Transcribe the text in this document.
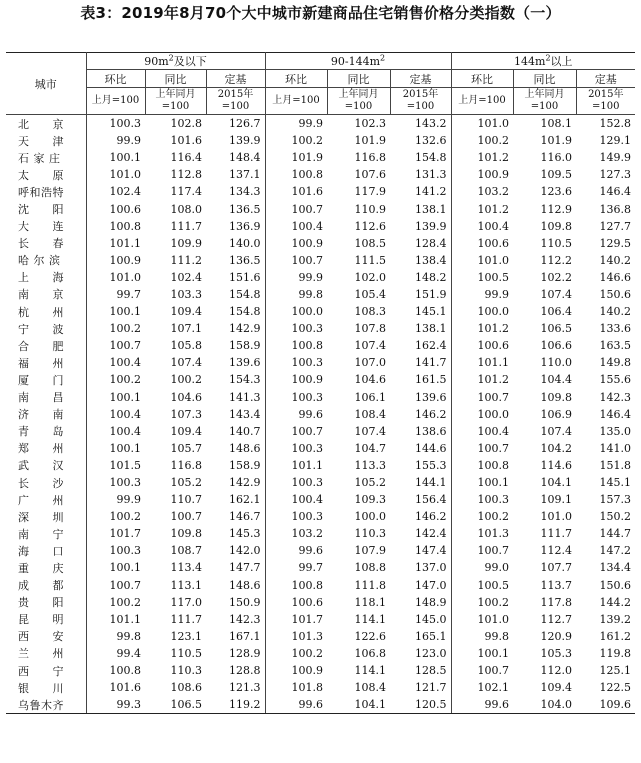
表3：2019年8月70个大中城市新建商品住宅销售价格分类指数（一）
城市	$90m^2$及以下			$90-144m^2$			$144m^2$以上		
	环比	同比	定基	环比	同比	定基	环比	同比	定基
	上月=100	上年同月=100	2015年=100	上月=100	上年同月=100	2015年=100	上月=100	上年同月=100	2015年=100
北　　京	100.3	102.8	126.7	99.9	102.3	143.2	101.0	108.1	152.8
天　　津	99.9	101.6	139.9	100.2	101.9	132.6	100.2	101.9	129.1
石 家 庄	100.1	116.4	148.4	101.9	116.8	154.8	101.2	116.0	149.9
太　　原	101.0	112.8	137.1	100.8	107.6	131.3	100.9	109.5	127.3
呼和浩特	102.4	117.4	134.3	101.6	117.9	141.2	103.2	123.6	146.4
沈　　阳	100.6	108.0	136.5	100.7	110.9	138.1	101.2	112.9	136.8
大　　连	100.8	111.7	136.9	100.4	112.6	139.9	100.4	109.8	127.7
长　　春	101.1	109.9	140.0	100.9	108.5	128.4	100.6	110.5	129.5
哈 尔 滨	100.9	111.2	136.5	100.7	111.5	138.4	101.0	112.2	140.2
上　　海	101.0	102.4	151.6	99.9	102.0	148.2	100.5	102.2	146.6
南　　京	99.7	103.3	154.8	99.8	105.4	151.9	99.9	107.4	150.6
杭　　州	100.1	109.4	154.8	100.0	108.3	145.1	100.0	106.4	140.2
宁　　波	100.2	107.1	142.9	100.3	107.8	138.1	101.2	106.5	133.6
合　　肥	100.7	105.8	158.9	100.8	107.4	162.4	100.6	106.6	163.5
福　　州	100.4	107.4	139.6	100.3	107.0	141.7	101.1	110.0	149.8
厦　　门	100.2	100.2	154.3	100.9	104.6	161.5	101.2	104.4	155.6
南　　昌	100.1	104.6	141.3	100.3	106.1	139.6	100.7	109.8	142.3
济　　南	100.4	107.3	143.4	99.6	108.4	146.2	100.0	106.9	146.4
青　　岛	100.4	109.4	140.7	100.7	107.4	138.6	100.4	107.4	135.0
郑　　州	100.1	105.7	148.6	100.3	104.7	144.6	100.7	104.2	141.0
武　　汉	101.5	116.8	158.9	101.1	113.3	155.3	100.8	114.6	151.8
长　　沙	100.3	105.2	142.9	100.3	105.2	144.1	100.1	104.1	145.1
广　　州	99.9	110.7	162.1	100.4	109.3	156.4	100.3	109.1	157.3
深　　圳	100.2	100.7	146.7	100.3	100.0	146.2	100.2	101.0	150.2
南　　宁	101.7	109.8	145.3	103.2	110.3	142.4	101.3	111.7	144.7
海　　口	100.3	108.7	142.0	99.6	107.9	147.4	100.7	112.4	147.2
重　　庆	100.1	113.4	147.7	99.7	108.8	137.0	99.0	107.7	134.4
成　　都	100.7	113.1	148.6	100.8	111.8	147.0	100.5	113.7	150.6
贵　　阳	100.2	117.0	150.9	100.6	118.1	148.9	100.2	117.8	144.2
昆　　明	101.1	111.7	142.3	101.7	114.1	145.0	101.0	112.7	139.2
西　　安	99.8	123.1	167.1	101.3	122.6	165.1	99.8	120.9	161.2
兰　　州	99.4	110.5	128.9	100.2	106.8	123.0	100.1	105.3	119.8
西　　宁	100.8	110.3	128.8	100.9	114.1	128.5	100.7	112.0	125.1
银　　川	101.6	108.6	121.3	101.8	108.4	121.7	102.1	109.4	122.5
乌鲁木齐	99.3	106.5	119.2	99.6	104.1	120.5	99.6	104.0	109.6
